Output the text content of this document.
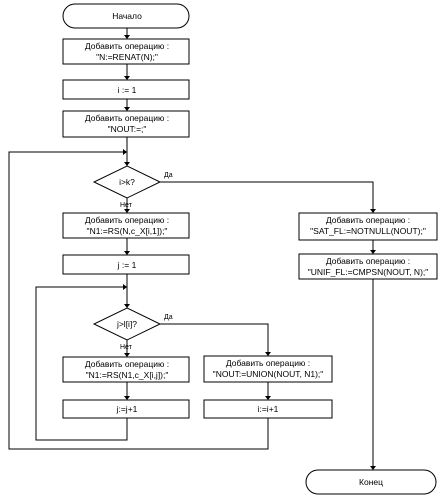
Начало
Добавить операцию :
"N:=RENAT(N);"
i := 1
Добавить операцию :
"NOUT:=;"
i>k?
Да
Нет
Добавить операцию :
"N1:=RS(N,c_X[i,1]);"
j := 1
j>l[i]?
Да
Нет
Добавить операцию :
"N1:=RS(N1,c_X[i,j]);"
j:=j+1
Добавить операцию :
"NOUT:=UNION(NOUT, N1);"
i:=i+1
Добавить операцию :
"SAT_FL:=NOTNULL(NOUT);"
Добавить операцию :
"UNIF_FL:=CMPSN(NOUT, N);"
Конец
